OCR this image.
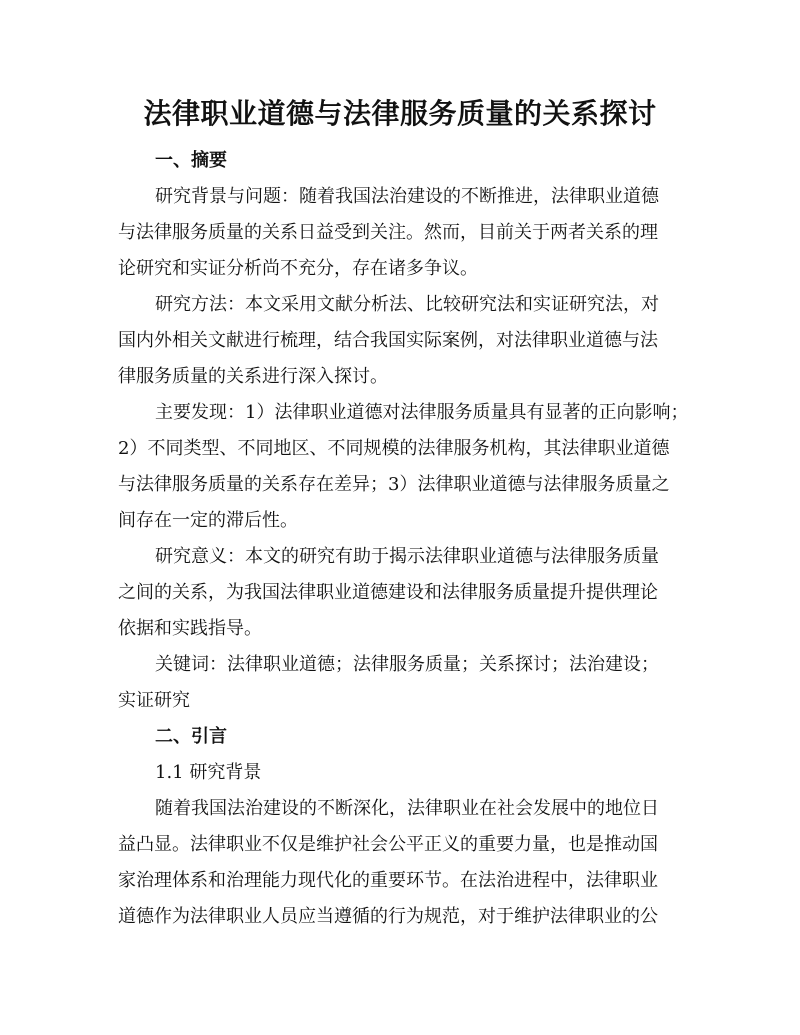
法律职业道德与法律服务质量的关系探讨
一、摘要
研究背景与问题：随着我国法治建设的不断推进，法律职业道德
与法律服务质量的关系日益受到关注。然而，目前关于两者关系的理
论研究和实证分析尚不充分，存在诸多争议。
研究方法：本文采用文献分析法、比较研究法和实证研究法，对
国内外相关文献进行梳理，结合我国实际案例，对法律职业道德与法
律服务质量的关系进行深入探讨。
主要发现：1）法律职业道德对法律服务质量具有显著的正向影响；
2）不同类型、不同地区、不同规模的法律服务机构，其法律职业道德
与法律服务质量的关系存在差异；3）法律职业道德与法律服务质量之
间存在一定的滞后性。
研究意义：本文的研究有助于揭示法律职业道德与法律服务质量
之间的关系，为我国法律职业道德建设和法律服务质量提升提供理论
依据和实践指导。
关键词：法律职业道德；法律服务质量；关系探讨；法治建设；
实证研究
二、引言
1.1 研究背景
随着我国法治建设的不断深化，法律职业在社会发展中的地位日
益凸显。法律职业不仅是维护社会公平正义的重要力量，也是推动国
家治理体系和治理能力现代化的重要环节。在法治进程中，法律职业
道德作为法律职业人员应当遵循的行为规范，对于维护法律职业的公
